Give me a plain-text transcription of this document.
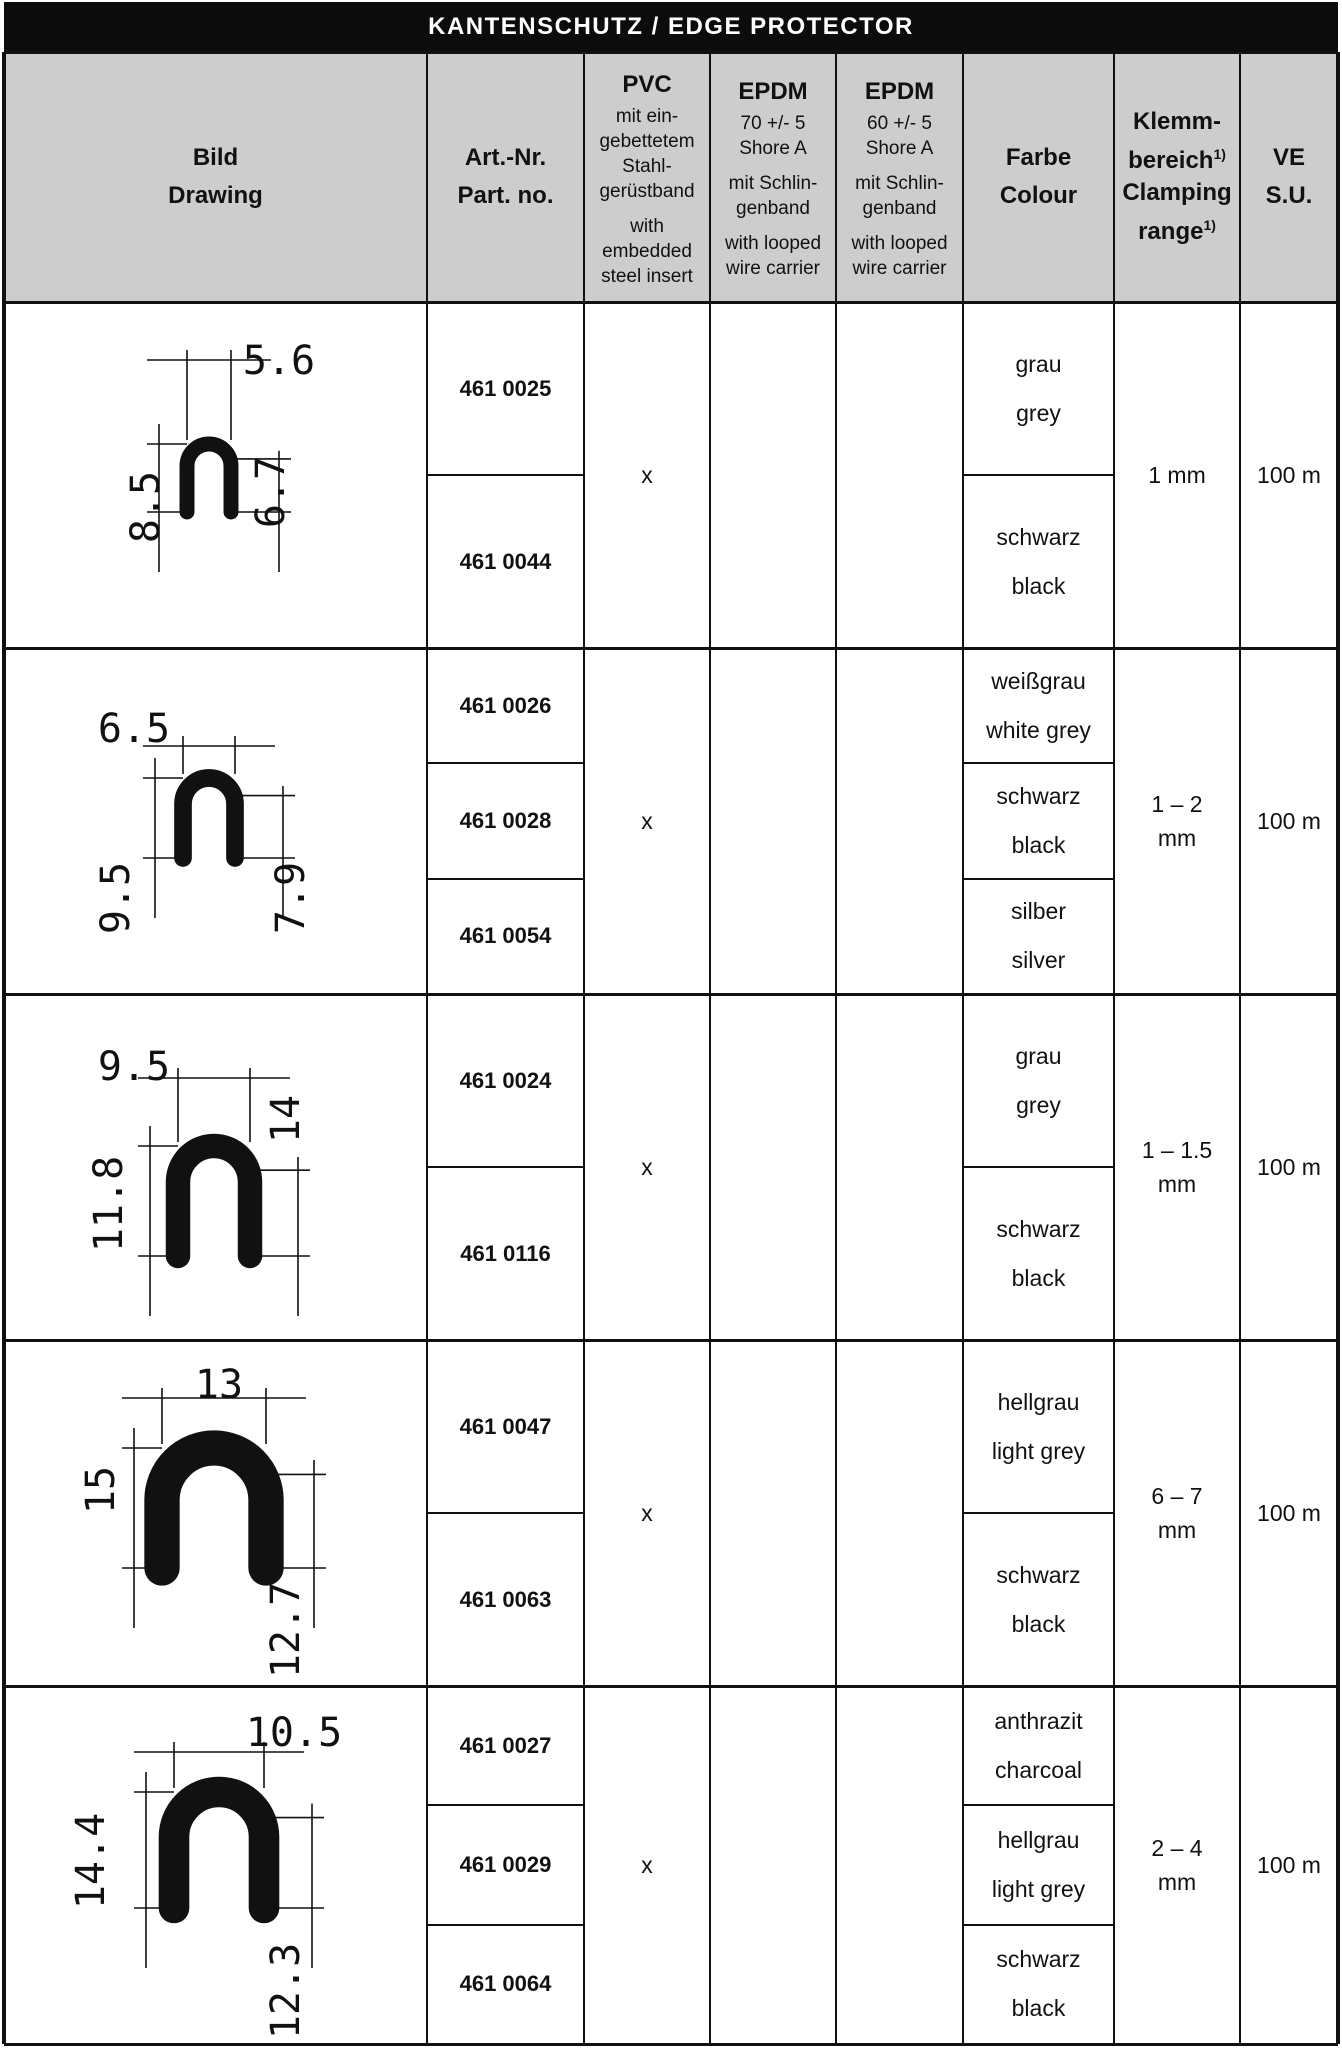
KANTENSCHUTZ / EDGE PROTECTOR
Bild
Drawing
Art.-Nr.
Part. no.
PVC
mit ein-
gebettetem
Stahl-
gerüstband
with
embedded
steel insert
EPDM
70 +/- 5
Shore A
mit Schlin-
genband
with looped
wire carrier
EPDM
60 +/- 5
Shore A
mit Schlin-
genband
with looped
wire carrier
Farbe
Colour
Klemm-
bereich$^{1)}$
Clamping
range$^{1)}$
VE
S.U.
461 0025
grau
grey
461 0044
schwarz
black
x	1 mm 100 m
5.6
8.5 6.7
461 0026
weißgrau
white grey
461 0028
schwarz
black
461 0054
silber
silver
x
1 – 2
mm
100 m
6.5
9.5	7.9
461 0024
grau
grey
461 0116
schwarz
black
x
1 – 1.5
mm
100 m
9.5
11.8
14
461 0047
hellgrau
light grey
461 0063
schwarz
black
x
6 – 7
mm
100 m
13
15
12.7
461 0027
anthrazit
charcoal
461 0029
hellgrau
light grey
461 0064
schwarz
black
x
2 – 4
mm
100 m
10.5
14.4
12.3
